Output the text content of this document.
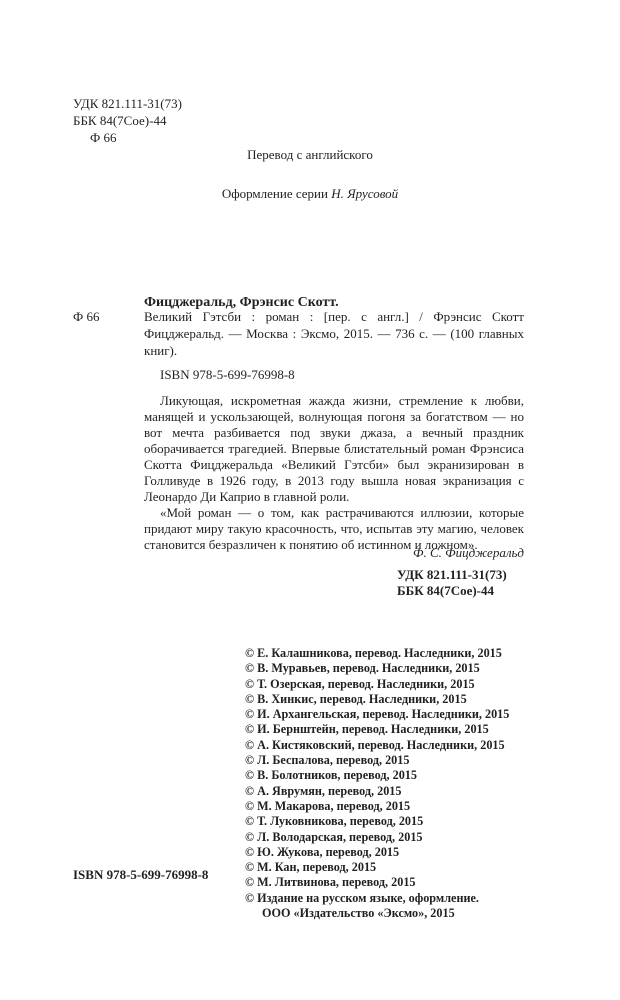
УДК 821.111-31(73)
ББК 84(7Сое)-44
Ф 66
Перевод с английского
Оформление серии Н. Ярусовой
Фицджеральд, Фрэнсис Скотт.
Ф 66	Великий Гэтсби : роман : [пер. с англ.] / Фрэнсис Скотт Фицджеральд. — Москва : Эксмо, 2015. — 736 с. — (100 главных книг).
ISBN 978-5-699-76998-8

Ликующая, искрометная жажда жизни, стремление к любви, манящей и ускользающей, волнующая погоня за богатством — но вот мечта разбивается под звуки джаза, а вечный праздник оборачивается трагедией. Впервые блистательный роман Фрэнсиса Скотта Фицджеральда «Великий Гэтсби» был экранизирован в Голливуде в 1926 году, в 2013 году вышла новая экранизация с Леонардо Ди Каприо в главной роли.

«Мой роман — о том, как растрачиваются иллюзии, которые придают миру такую красочность, что, испытав эту магию, человек становится безразличен к понятию об истинном и ложном».

Ф. С. Фицджеральд
УДК 821.111-31(73)
ББК 84(7Сое)-44
© Е. Калашникова, перевод. Наследники, 2015
© В. Муравьев, перевод. Наследники, 2015
© Т. Озерская, перевод. Наследники, 2015
© В. Хинкис, перевод. Наследники, 2015
© И. Архангельская, перевод. Наследники, 2015
© И. Бернштейн, перевод. Наследники, 2015
© А. Кистяковский, перевод. Наследники, 2015
© Л. Беспалова, перевод, 2015
© В. Болотников, перевод, 2015
© А. Яврумян, перевод, 2015
© М. Макарова, перевод, 2015
© Т. Луковникова, перевод, 2015
© Л. Володарская, перевод, 2015
© Ю. Жукова, перевод, 2015
© М. Кан, перевод, 2015
© М. Литвинова, перевод, 2015
© Издание на русском языке, оформление.
ООО «Издательство «Эксмо», 2015
ISBN 978-5-699-76998-8
